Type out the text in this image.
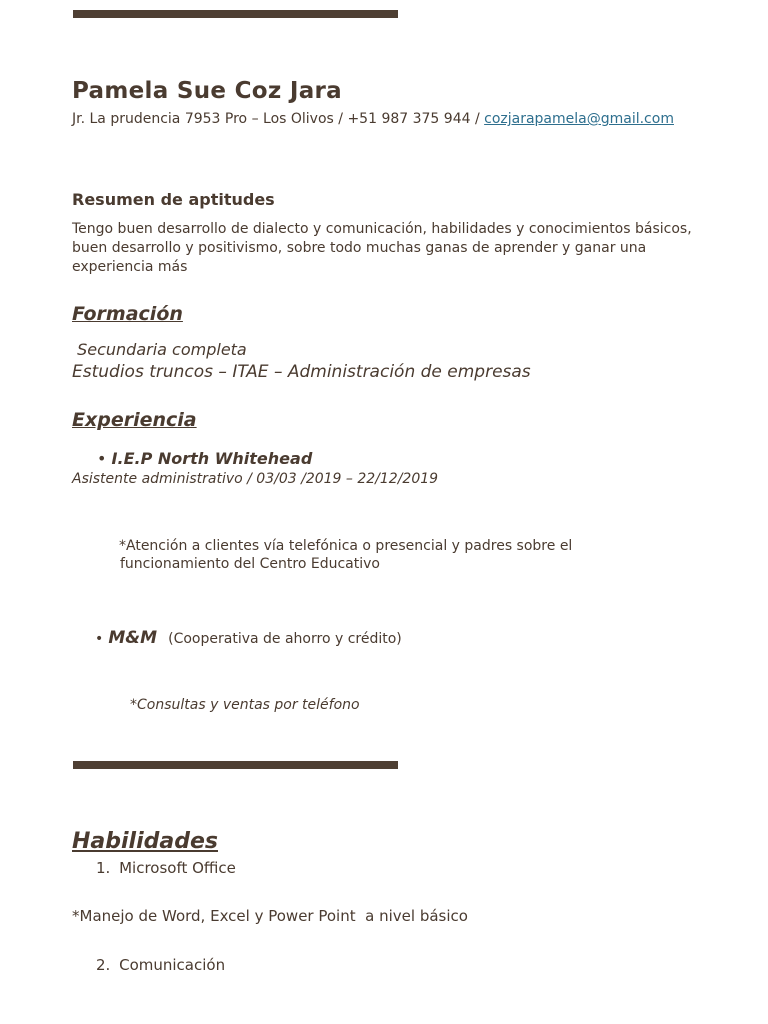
Pamela Sue Coz Jara
Jr. La prudencia 7953 Pro – Los Olivos / +51 987 375 944 / cozjarapamela@gmail.com
Resumen de aptitudes
Tengo buen desarrollo de dialecto y comunicación, habilidades y conocimientos básicos, buen desarrollo y positivismo, sobre todo muchas ganas de aprender y ganar una experiencia más
Formación
Secundaria completa
Estudios truncos – ITAE – Administración de empresas
Experiencia
• I.E.P North Whitehead
Asistente administrativo / 03/03 /2019 – 22/12/2019
*Atención a clientes vía telefónica o presencial y padres sobre el
funcionamiento del Centro Educativo
• M&M (Cooperativa de ahorro y crédito)
*Consultas y ventas por teléfono
Habilidades
1. Microsoft Office
*Manejo de Word, Excel y Power Point  a nivel básico
2. Comunicación
